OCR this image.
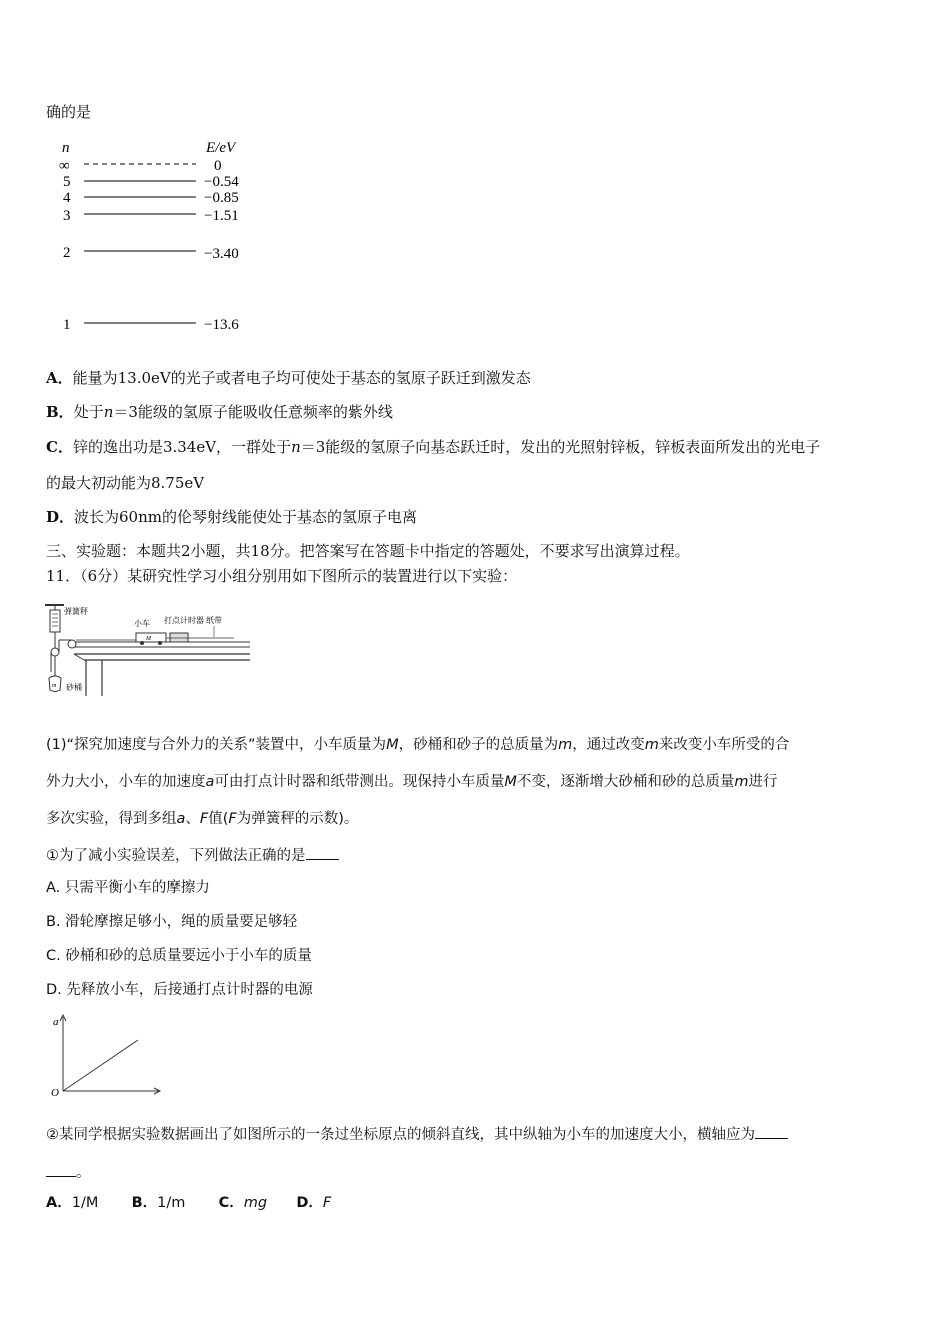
确的是
n	E/eV
∞	0
5	−0.54
4	−0.85
3	−1.51
2	−3.40
1	−13.6
A．能量为13.0eV的光子或者电子均可使处于基态的氢原子跃迁到激发态
B．处于n＝3能级的氢原子能吸收任意频率的紫外线
C．锌的逸出功是3.34eV，一群处于n＝3能级的氢原子向基态跃迁时，发出的光照射锌板，锌板表面所发出的光电子
的最大初动能为8.75eV
D．波长为60nm的伦琴射线能使处于基态的氢原子电离
三、实验题：本题共2小题，共18分。把答案写在答题卡中指定的答题处，不要求写出演算过程。
11．（6分）某研究性学习小组分别用如下图所示的装置进行以下实验：
弹簧秤
m 砂桶
M
小车 打点计时器 纸带
(1)“探究加速度与合外力的关系”装置中，小车质量为M，砂桶和砂子的总质量为m，通过改变m来改变小车所受的合
外力大小，小车的加速度a可由打点计时器和纸带测出。现保持小车质量M不变，逐渐增大砂桶和砂的总质量m进行
多次实验，得到多组a、F值(F为弹簧秤的示数)。
①为了减小实验误差，下列做法正确的是
A. 只需平衡小车的摩擦力
B. 滑轮摩擦足够小，绳的质量要足够轻
C. 砂桶和砂的总质量要远小于小车的质量
D. 先释放小车，后接通打点计时器的电源
a
O
②某同学根据实验数据画出了如图所示的一条过坐标原点的倾斜直线，其中纵轴为小车的加速度大小，横轴应为
。
A．1/M B．1/m C．mg D．F
